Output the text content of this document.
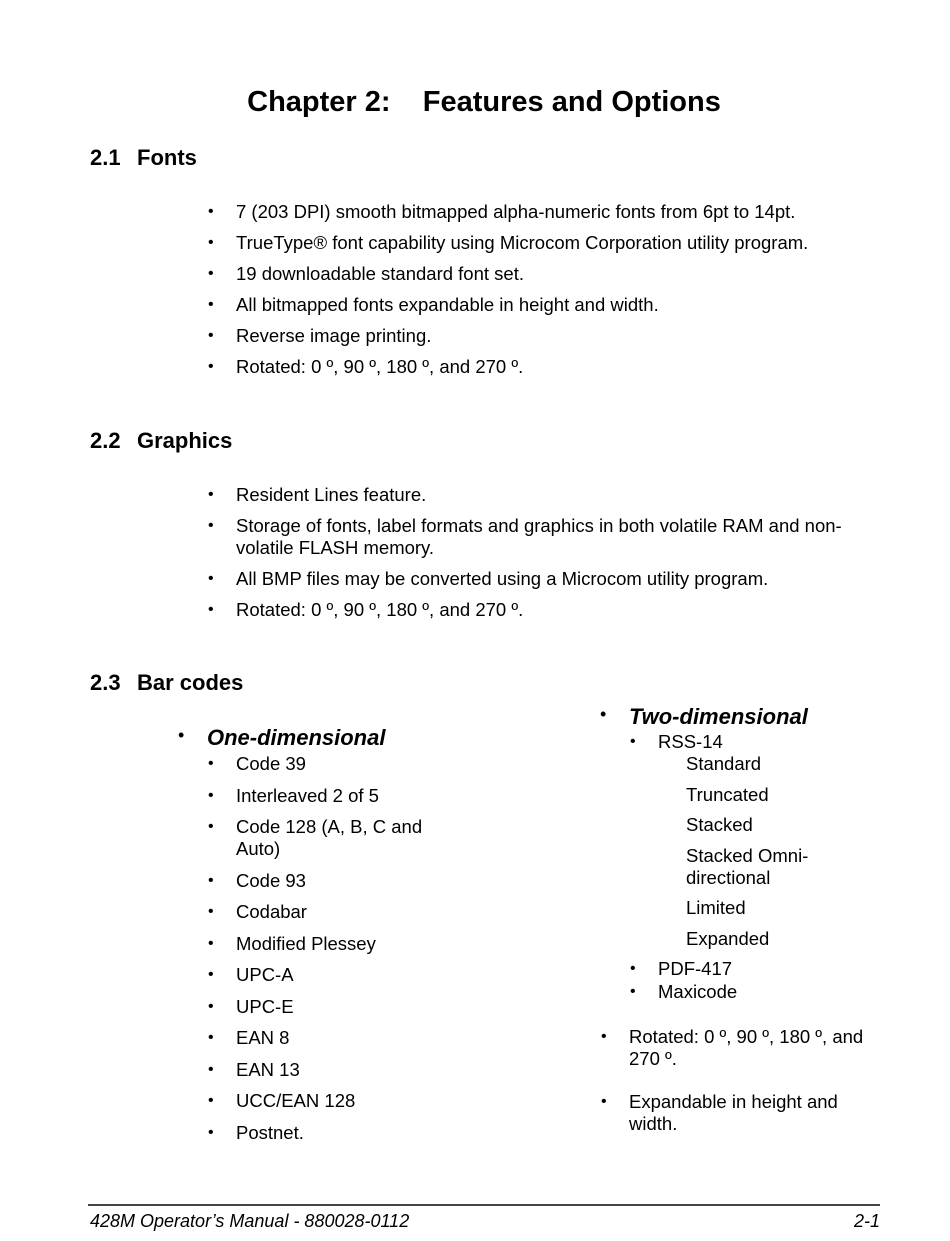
Chapter 2:    Features and Options
2.1 Fonts
• 7 (203 DPI) smooth bitmapped alpha-numeric fonts from 6pt to 14pt.
• TrueType® font capability using Microcom Corporation utility program.
• 19 downloadable standard font set.
• All bitmapped fonts expandable in height and width.
• Reverse image printing.
• Rotated: 0 º, 90 º, 180 º, and 270 º.
2.2 Graphics
• Resident Lines feature.
• Storage of fonts, label formats and graphics in both volatile RAM and non-volatile FLASH memory.
• All BMP files may be converted using a Microcom utility program.
• Rotated: 0 º, 90 º, 180 º, and 270 º.
2.3 Bar codes
• One-dimensional
• Code 39
• Interleaved 2 of 5
• Code 128 (A, B, C and Auto)
• Code 93
• Codabar
• Modified Plessey
• UPC-A
• UPC-E
• EAN 8
• EAN 13
• UCC/EAN 128
• Postnet.
• Two-dimensional
• RSS-14
Standard
Truncated
Stacked
Stacked Omni-directional
Limited
Expanded
• PDF-417
• Maxicode
• Rotated: 0 º, 90 º, 180 º, and 270 º.
• Expandable in height and width.
428M Operator’s Manual - 880028-0112	2-1
